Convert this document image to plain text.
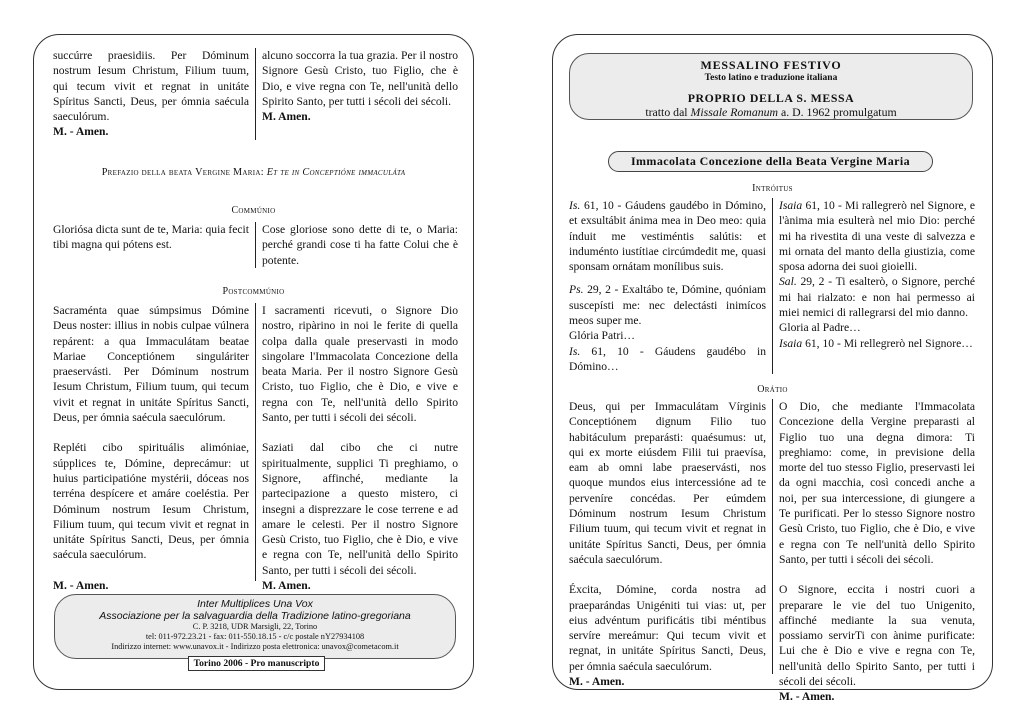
succúrre praesidiis. Per Dóminum nostrum Iesum Christum, Filium tuum, qui tecum vivit et regnat in unitáte Spíritus Sancti, Deus, per ómnia saécula saeculórum.

M. - Amen.

alcuno soccorra la tua grazia. Per il nostro Signore Gesù Cristo, tuo Figlio, che è Dio, e vive regna con Te, nell'unità dello Spirito Santo, per tutti i sécoli dei sécoli.

M. Amen.

Prefazio della beata Vergine Maria: Et te in Conceptióne immaculáta
Commúnio

Gloriósa dicta sunt de te, Maria: quia fecit tibi magna qui pótens est.

Cose gloriose sono dette di te, o Maria: perché grandi cose ti ha fatte Colui che è potente.

Postcommúnio

Sacraménta quae súmpsimus Dómine Deus noster: illius in nobis culpae vúlnera repárent: a qua Immaculátam beatae Mariae Conceptiónem singuláriter praeservásti. Per Dóminum nostrum Iesum Christum, Filium tuum, qui tecum vivit et regnat in unitáte Spíritus Sancti, Deus, per ómnia saécula saeculórum.

Repléti cibo spirituális alimóniae, súpplices te, Dómine, deprecámur: ut huius participatióne mystérii, dóceas nos terréna despícere et amáre coeléstia. Per Dóminum nostrum Iesum Christum, Filium tuum, qui tecum vivit et regnat in unitáte Spíritus Sancti, Deus, per ómnia saécula saeculórum.

M. - Amen.

I sacramenti ricevuti, o Signore Dio nostro, ripàrino in noi le ferite di quella colpa dalla quale preservasti in modo singolare l'Immacolata Concezione della beata Maria. Per il nostro Signore Gesù Cristo, tuo Figlio, che è Dio, e vive e regna con Te, nell'unità dello Spirito Santo, per tutti i sécoli dei sécoli.

Saziati dal cibo che ci nutre spiritualmente, supplici Ti preghiamo, o Signore, affinché, mediante la partecipazione a questo mistero, ci insegni a disprezzare le cose terrene e ad amare le celesti. Per il nostro Signore Gesù Cristo, tuo Figlio, che è Dio, e vive e regna con Te, nell'unità dello Spirito Santo, per tutti i sécoli dei sécoli.

M. Amen.

Inter Multiplices Una Vox
Associazione per la salvaguardia della Tradizione latino-gregoriana
C. P. 3218, UDR Marsigli, 22, Torino
tel: 011-972.23.21 - fax: 011-550.18.15 - c/c postale nY27934108
Indirizzo internet: www.unavox.it - Indirizzo posta elettronica: unavox@cometacom.it
Torino 2006 - Pro manuscripto
MESSALINO FESTIVO
Testo latino e traduzione italiana
PROPRIO DELLA S. MESSA
tratto dal Missale Romanum a. D. 1962 promulgatum
Immacolata Concezione della Beata Vergine Maria
Intróitus

Is. 61, 10 - Gáudens gaudébo in Dómino, et exsultábit ánima mea in Deo meo: quia índuit me vestiméntis salútis: et induménto iustítiae circúmdedit me, quasi sponsam ornátam monílibus suis.

Ps. 29, 2 - Exaltábo te, Dómine, quóniam suscepísti me: nec delectásti inimícos meos super me.

Glória Patri…

Is. 61, 10 - Gáudens gaudébo in Dómino…

Isaia 61, 10 - Mi rallegrerò nel Signore, e l'ànima mia esulterà nel mio Dio: perché mi ha rivestita di una veste di salvezza e mi ornata del manto della giustizia, come sposa adorna dei suoi gioielli.

Sal. 29, 2 - Ti esalterò, o Signore, perché mi hai rialzato: e non hai permesso ai miei nemici di rallegrarsi del mio danno.

Gloria al Padre…

Isaia 61, 10 - Mi rellegrerò nel Signore…

Orátio

Deus, qui per Immaculátam Vírginis Conceptiónem dignum Filio tuo habitáculum preparásti: quaésumus: ut, qui ex morte eiúsdem Filii tui praevísa, eam ab omni labe praeservásti, nos quoque mundos eius intercessióne ad te perveníre concédas. Per eúmdem Dóminum nostrum Iesum Christum Filium tuum, qui tecum vivit et regnat in unitáte Spíritus Sancti, Deus, per ómnia saécula saeculórum.

Éxcita, Dómine, corda nostra ad praeparándas Unigéniti tui vias: ut, per eius advéntum purificátis tibi méntibus servíre mereámur: Qui tecum vivit et regnat, in unitáte Spíritus Sancti, Deus, per ómnia saécula saeculórum.

M. - Amen.

O Dio, che mediante l'Immacolata Concezione della Vergine preparasti al Figlio tuo una degna dimora: Ti preghiamo: come, in previsione della morte del tuo stesso Figlio, preservasti lei da ogni macchia, così concedi anche a noi, per sua intercessione, di giungere a Te purificati. Per lo stesso Signore nostro Gesù Cristo, tuo Figlio, che è Dio, e vive e regna con Te nell'unità dello Spirito Santo, per tutti i sécoli dei sécoli.

O Signore, eccita i nostri cuori a preparare le vie del tuo Unigenito, affinché mediante la sua venuta, possiamo servirTi con ànime purificate: Lui che è Dio e vive e regna con Te, nell'unità dello Spirito Santo, per tutti i sécoli dei sécoli.

M. - Amen.
